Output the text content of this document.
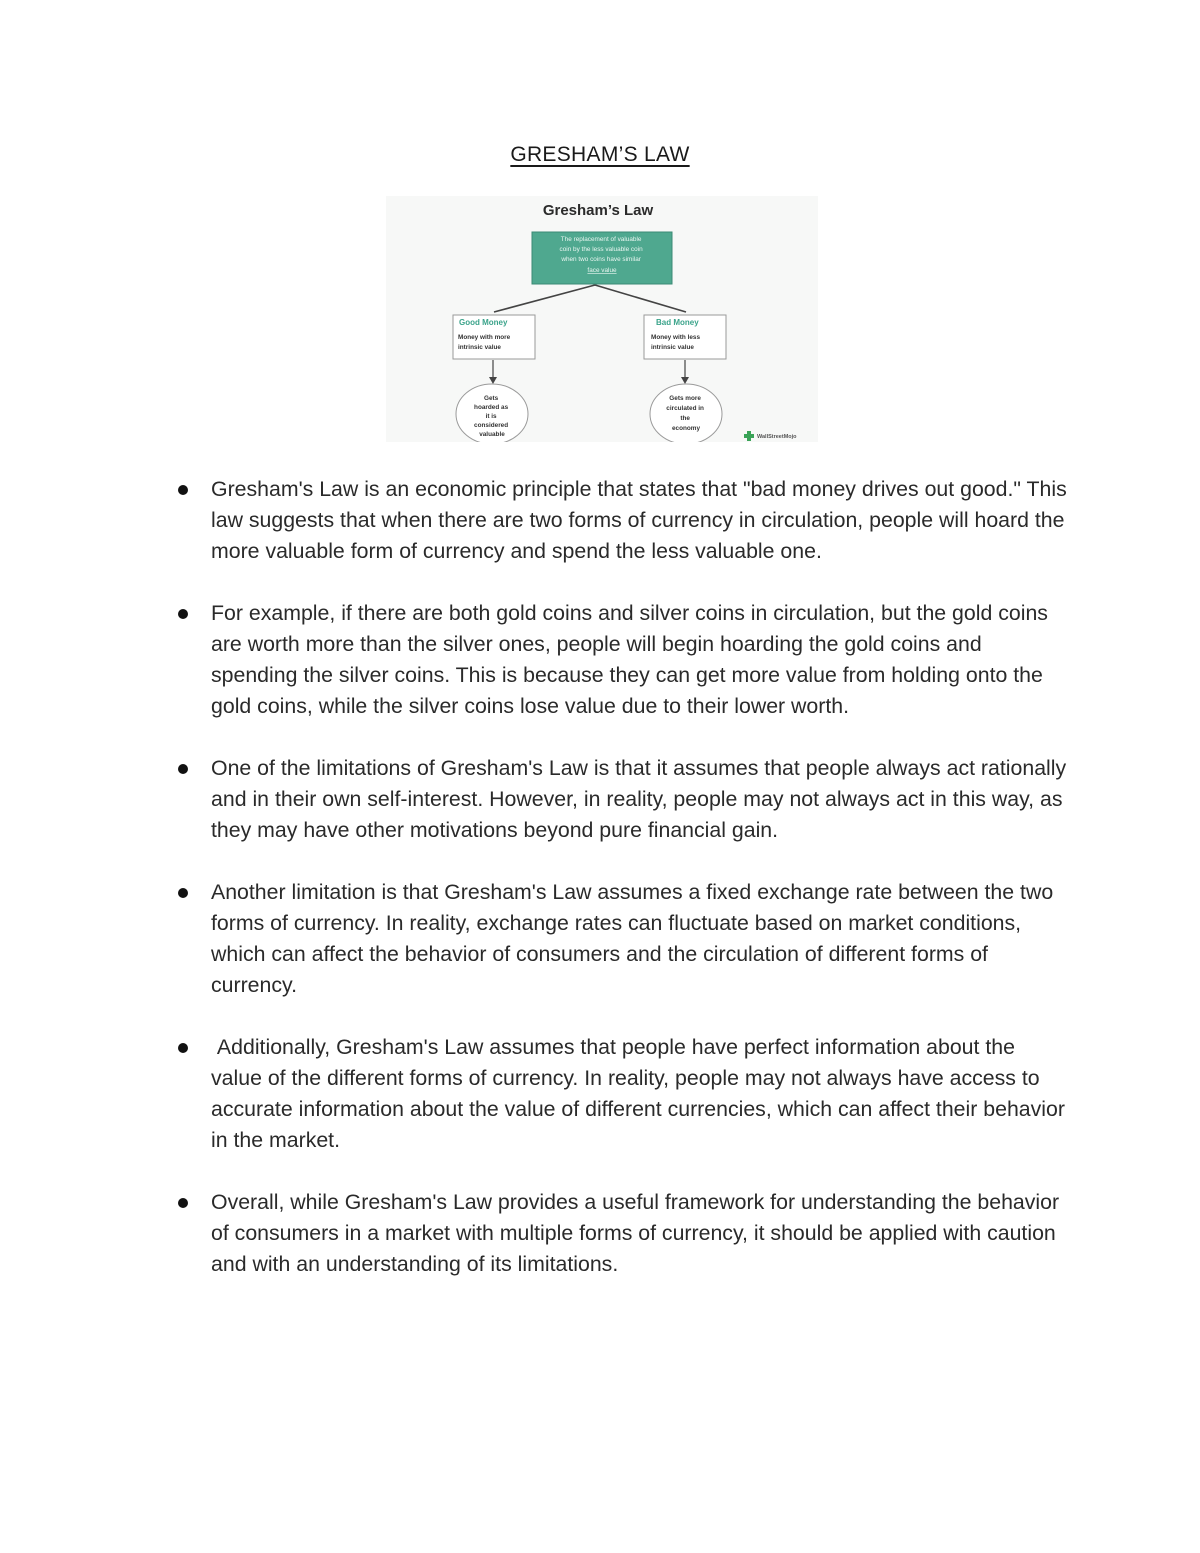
GRESHAM’S LAW
Gresham’s Law
The replacement of valuable coin by the less valuable coin when two coins have similar face value
Good Money
Money with more intrinsic value
Bad Money
Money with less intrinsic value
Gets hoarded as it is considered valuable
Gets more circulated in the economy
WallStreetMojo
Gresham's Law is an economic principle that states that "bad money drives out good." This law suggests that when there are two forms of currency in circulation, people will hoard the more valuable form of currency and spend the less valuable one.
For example, if there are both gold coins and silver coins in circulation, but the gold coins are worth more than the silver ones, people will begin hoarding the gold coins and spending the silver coins. This is because they can get more value from holding onto the gold coins, while the silver coins lose value due to their lower worth.
One of the limitations of Gresham's Law is that it assumes that people always act rationally and in their own self-interest. However, in reality, people may not always act in this way, as they may have other motivations beyond pure financial gain.
Another limitation is that Gresham's Law assumes a fixed exchange rate between the two forms of currency. In reality, exchange rates can fluctuate based on market conditions, which can affect the behavior of consumers and the circulation of different forms of currency.
Additionally, Gresham's Law assumes that people have perfect information about the value of the different forms of currency. In reality, people may not always have access to accurate information about the value of different currencies, which can affect their behavior in the market.
Overall, while Gresham's Law provides a useful framework for understanding the behavior of consumers in a market with multiple forms of currency, it should be applied with caution and with an understanding of its limitations.
